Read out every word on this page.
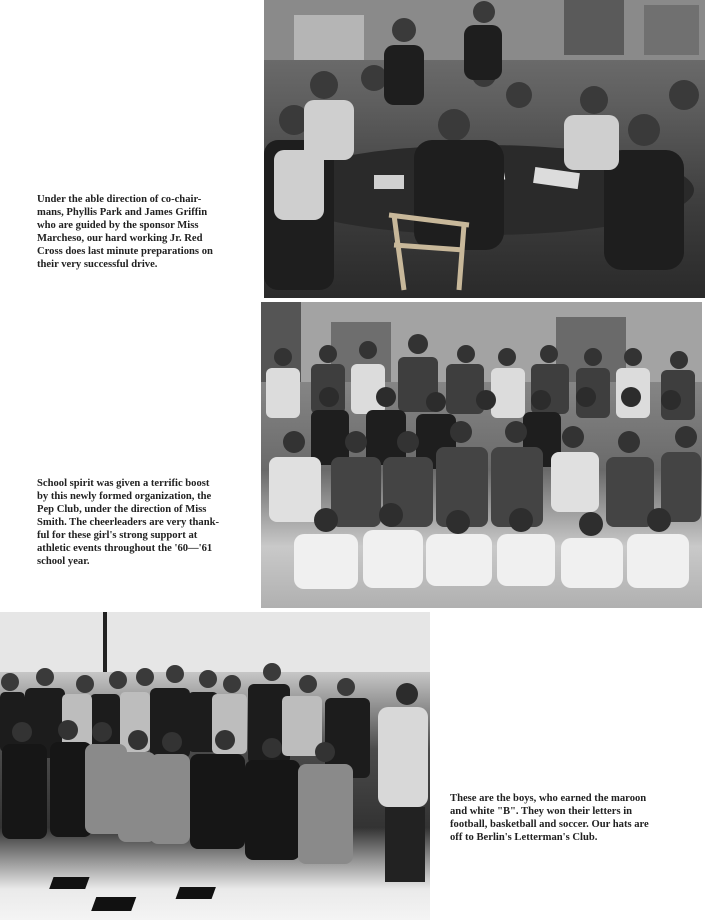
Under the able direction of co-chair-
mans, Phyllis Park and James Griffin
who are guided by the sponsor Miss
Marcheso, our hard working Jr. Red
Cross does last minute preparations on
their very successful drive.
School spirit was given a terrific boost
by this newly formed organization, the
Pep Club, under the direction of Miss
Smith. The cheerleaders are very thank-
ful for these girl's strong support at
athletic events throughout the '60—'61
school year.
These are the boys, who earned the maroon
and white "B". They won their letters in
football, basketball and soccer. Our hats are
off to Berlin's Letterman's Club.
